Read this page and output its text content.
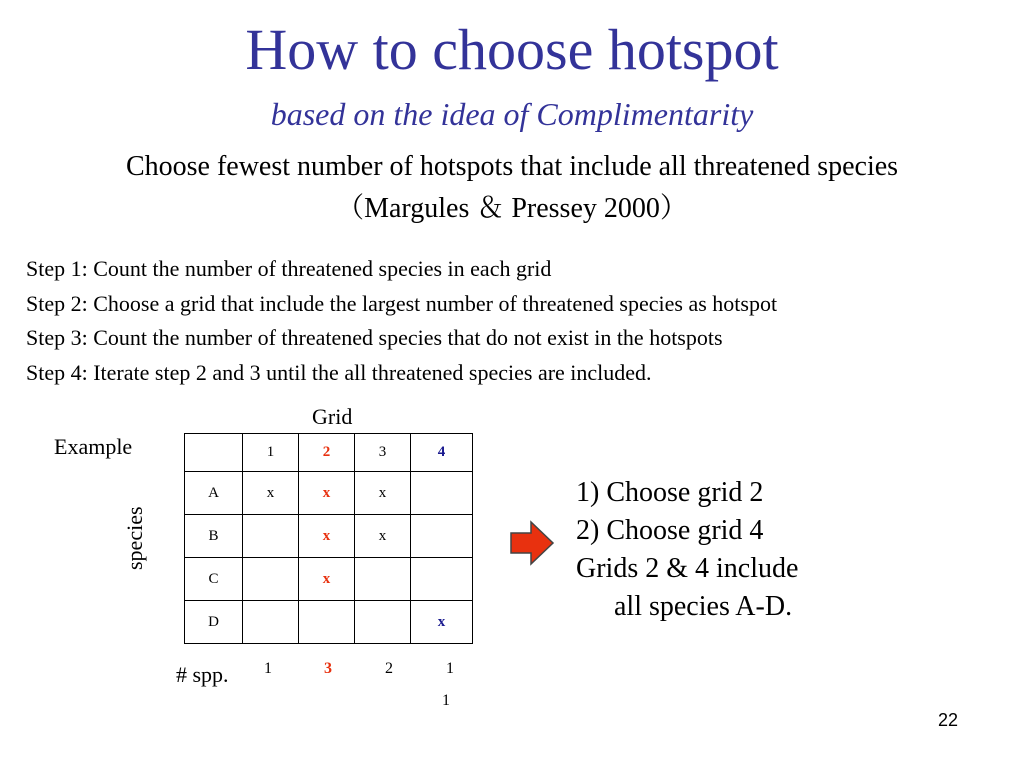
How to choose hotspot
based on the idea of Complimentarity
Choose fewest number of hotspots that include all threatened species
（Margules ＆ Pressey 2000）
Step 1: Count the number of threatened species in each grid
Step 2: Choose a grid that include the largest number of threatened species as hotspot
Step 3: Count the number of threatened species that do not exist in the hotspots
Step 4: Iterate step 2 and 3 until the all threatened species are included.
Grid
Example
species
	1	2	3	4
A	x	x	x	
B		x	x	
C		x		
D				x
# spp.	1	3	2	1
1
1) Choose grid 2
2) Choose grid 4
Grids 2 & 4 include
all species A-D.
22
